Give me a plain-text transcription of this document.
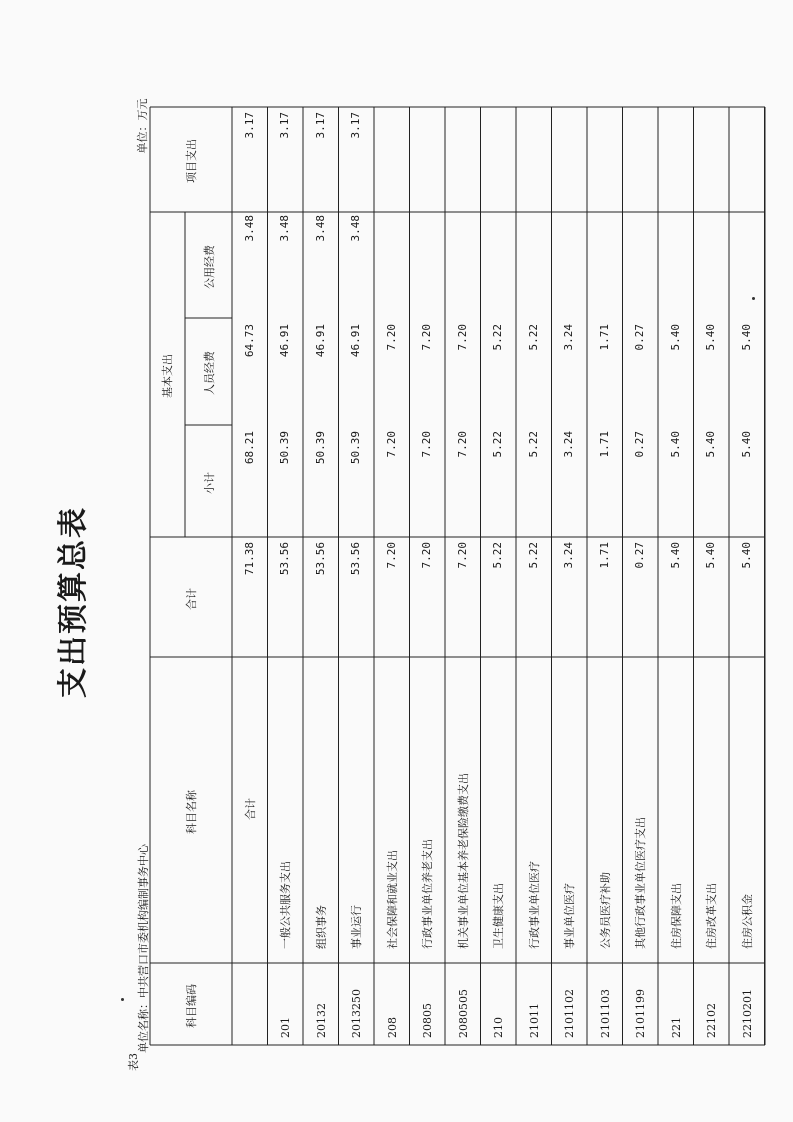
表3
单位名称：中共营口市委机构编制事务中心
单位：万元
支出预算总表
科目编码
科目名称
合计
基本支出
小计
人员经费
公用经费
项目支出
合计
71.38
68.21
64.73
3.48
3.17
201
一般公共服务支出
53.56
50.39
46.91
3.48
3.17
20132
组织事务
53.56
50.39
46.91
3.48
3.17
2013250
事业运行
53.56
50.39
46.91
3.48
3.17
208
社会保障和就业支出
7.20
7.20
7.20
20805
行政事业单位养老支出
7.20
7.20
7.20
2080505
机关事业单位基本养老保险缴费支出
7.20
7.20
7.20
210
卫生健康支出
5.22
5.22
5.22
21011
行政事业单位医疗
5.22
5.22
5.22
2101102
事业单位医疗
3.24
3.24
3.24
2101103
公务员医疗补助
1.71
1.71
1.71
2101199
其他行政事业单位医疗支出
0.27
0.27
0.27
221
住房保障支出
5.40
5.40
5.40
22102
住房改革支出
5.40
5.40
5.40
2210201
住房公积金
5.40
5.40
5.40
